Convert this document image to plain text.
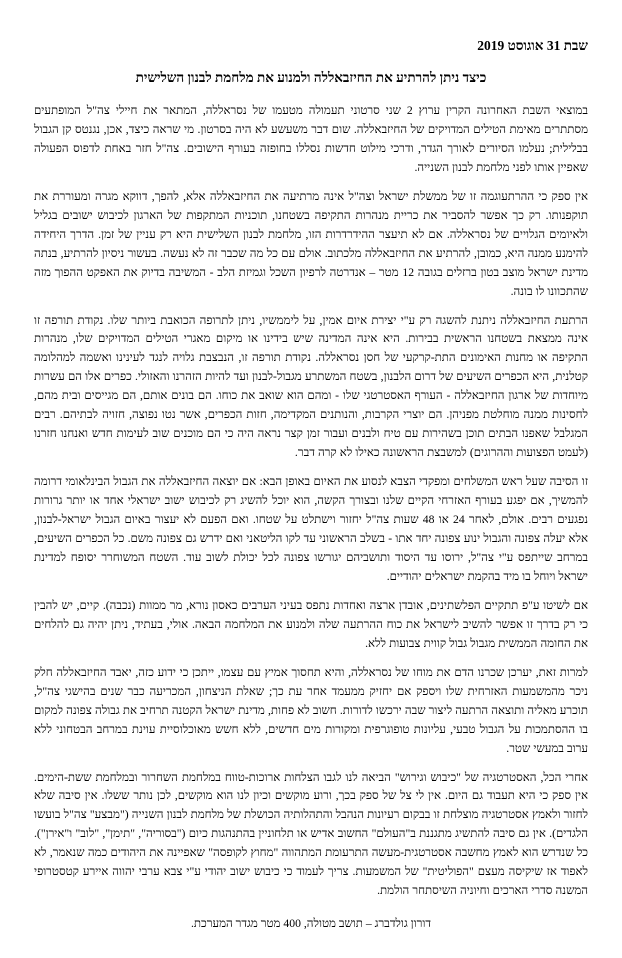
שבת 31 אוגוסט 2019
כיצד ניתן להרתיע את החיזבאללה ולמנוע את מלחמת לבנון השלישית

במוצאי השבת האחרונה הקרין ערוץ 2 שני סרטוני תעמולה מטעמו של נסראללה, המתאר את חיילי צה"ל המופתעים מסתתרים מאימת הטילים המדויקים של החיזבאללה. שום דבר משעשע לא היה בסרטון. מי שראה כיצד, אכן, נגנטס קן הגבול בבלילית; נעלמו הסיורים לאורך הגדר, ודרכי מילוט חדשות נסללו בחופזה בעורף הישובים. צה"ל חזר באחת לדפוס הפעולה שאפיין אותו לפני מלחמת לבנון השנייה.

אין ספק כי ההרתעוגמה זו של ממשלת ישראל וצה"ל אינה מרתיעה את החיזבאללה אלא, להפך, דווקא מגרה ומעוררת את תוקפנותו. רק כך אפשר להסביר את כריית מנהרות התקיפה בשטחנו, תוכניות המתקפות של הארגון לכיבוש ישובים בגליל ולאיומים הגלויים של נסראללה. אם לא תיעצר ההידרדרות הזו, מלחמת לבנון השלישית היא רק עניין של זמן. הדרך היחידה להימנע ממנה היא, כמובן, להרתיע את החיזבאללה מלכתוב. אולם עם כל מה שכבר זה לא נעשה. בעשור ניסיון להרתיע, בנתה מדינת ישראל מוצב בטון ברזלים בגובה 12 מטר – אנדרטה לרפיון השכל וגמיזת הלב - המשיבה בדיוק את האפקט ההפוך מזה שהתכוונו לו בונה.

הרתעת החיזבאללה ניתנת להשגה רק ע"י יצירת איום אמין, על ליממשיו, ניתן לתרופה הכואבת ביותר שלו. נקודת תורפה זו אינה ממצאת בשטחנו הראשית בבירות. היא אינה המדינה שיש בידינו או מיקום מאגרי הטילים המדויקים שלו, מנהרות התקיפה או מחנות האימונים התת-קרקעי של חסן נסראללה. נקודת תורפה זו, הנבצבת גלויה לנגד לעינינו ואשמה למהלומה קטלנית, היא הכפרים השיעים של דרום הלבנון, בשטח המשתרע מגבול-לבנון ועד להיות הזהרנו והאזולי. כפרים אלו הם עשרות מיוחדות של ארגון החיזבאללה - העורף האסטרטגי שלו - ומהם הוא שואב את כוחו. הם בונים אותם, הם מגייסים ובית מהם, לחסינות ממנה מוחלטת מפניהן. הם יוצרי הקרבות, והנותנים המקדימה, חזות הכפרים, אשר נטו נפוצה, חזויה לבתיהם. רבים המגלבל שאפנו הבתים תוכן בשהירות עם טיח ולבנים ועבור זמן קצר נראה היה כי הם מוכנים שוב לעימות חדש ואנחנו חזרנו (לעמט הפצועות וההרוגים) למשבצת הראשונה כאילו לא קרה דבר.

זו הסיבה שעל ראש המשלחים ומפקדי הצבא לנסוע את האיום באופן הבא: אם יוצאה החיזבאללה את הגבול הבינלאומי דרומה להמשיך, אם יפגע בעורף האזרחי הקיים שלנו ובצורך הקשה, הוא יוכל להשיג רק לכיבוש ישוב ישראלי אחד או יותר גרורות נפגעים רבים. אולם, לאחר 24 או 48 שעות צה"ל יחזור וישתלט על שטחו. ואם הפעם לא יעצור באיום הגבול ישראל-לבנון, אלא יעלה צפונה והגבול ינוע צפונה יחד אתו - בשלב הראשוני עד לקו הליטאני ואם ידרש גם צפונה משם. כל הכפרים השיעים, במרחב שייתפס ע"י צה"ל, ירוסו עד היסוד ותושביהם יגורשו צפונה לכל יכולת לשוב עוד. השטח המשוחרר יסופח למדינת ישראל ויוחל בו מיד בהקמת ישראלים יהודיים.

אם לשיטו ע"פ תתקיים הפלשתינים, אובדן ארצה ואחדות נתפס בעיני הערבים כאסון נורא, מר ממוות (נכבה). קיים, יש להבין כי רק בדרך זו אפשר להשיב לישראל את כוח ההרתעה שלה ולמנוע את המלחמה הבאה. אולי, בעתיד, ניתן יהיה גם להלחים את החומה הממשית מגבול גבול קווית צבועות ללא.

למרות זאת, יערכן שכרנו הדם את מוחו של נסראללה, והיא תחסוך אמיץ עם עצמו, ייתכן כי ידוע כזה, יאבד החיזבאללה חלק ניכר מהמשמעות האזרחית שלו ויספק אם יחזיק ממעמד אחר עת כך; שאלת הניצחון, המכריעה כבר שנים בהישגי צה"ל, תוכרע מאליה ותוצאה הרתעה ליצור שבה ירכשו לדורות. חשוב לא פחות, מדינת ישראל הקטנה תרחיב את גבולה צפונה למקום בו ההסתמכות על הגבול טבעי, עליונות טופוגרפית ומקורות מים חדשים, ללא חשש מאוכלוסיית עוינת במרחב הבטחוני ללא ערוב במעשי שטר.

אחרי הכל, האסטרטגיה של "כיבוש וגירוש" הביאה לנו לגבו הצלחות ארוכות-טווח במלחמת השחרור ובמלחמת ששת-הימים. אין ספק כי היא תעבוד גם היום. אין לי צל של ספק בכך, ורוע מוקשים וכיון לנו הוא מוקשים, לכן נותר ששלו. אין סיבה שלא לחזור ולאמץ אסטרטגיה מוצלחת זו בבקום רעיונות הנהבל והתהלותיה הכושלת של מלחמת לבנון השנייה ("מבצע" צה"ל בועשו הלגדים). אין גם סיבה להתשיג מתגננת ב"העולם" החשוב אדיש או תלחוניין בהתנהגות כיום ("בסוריה", "תימן", "לוב" ו"אירן"). כל שנדרש הוא לאמץ מחשבה אסטרטגית-מעשה התרעומת המתהווה "מחוץ לקופסה" שאפיינה את היהודים כמה שנאמר, לא לאפוד אז שיקיסה מעצם "הפוליטית" של המשמעות. צריך לעמוד כי כיבוש ישוב יהודי ע"י צבא ערבי יהווה איירע קטסטרופי המשנה סדרי הארכים וחיוניה השיסתחר הולמת.

דורון גולדברג – תושב מטולה, 400 מטר מגדר המערכת.
